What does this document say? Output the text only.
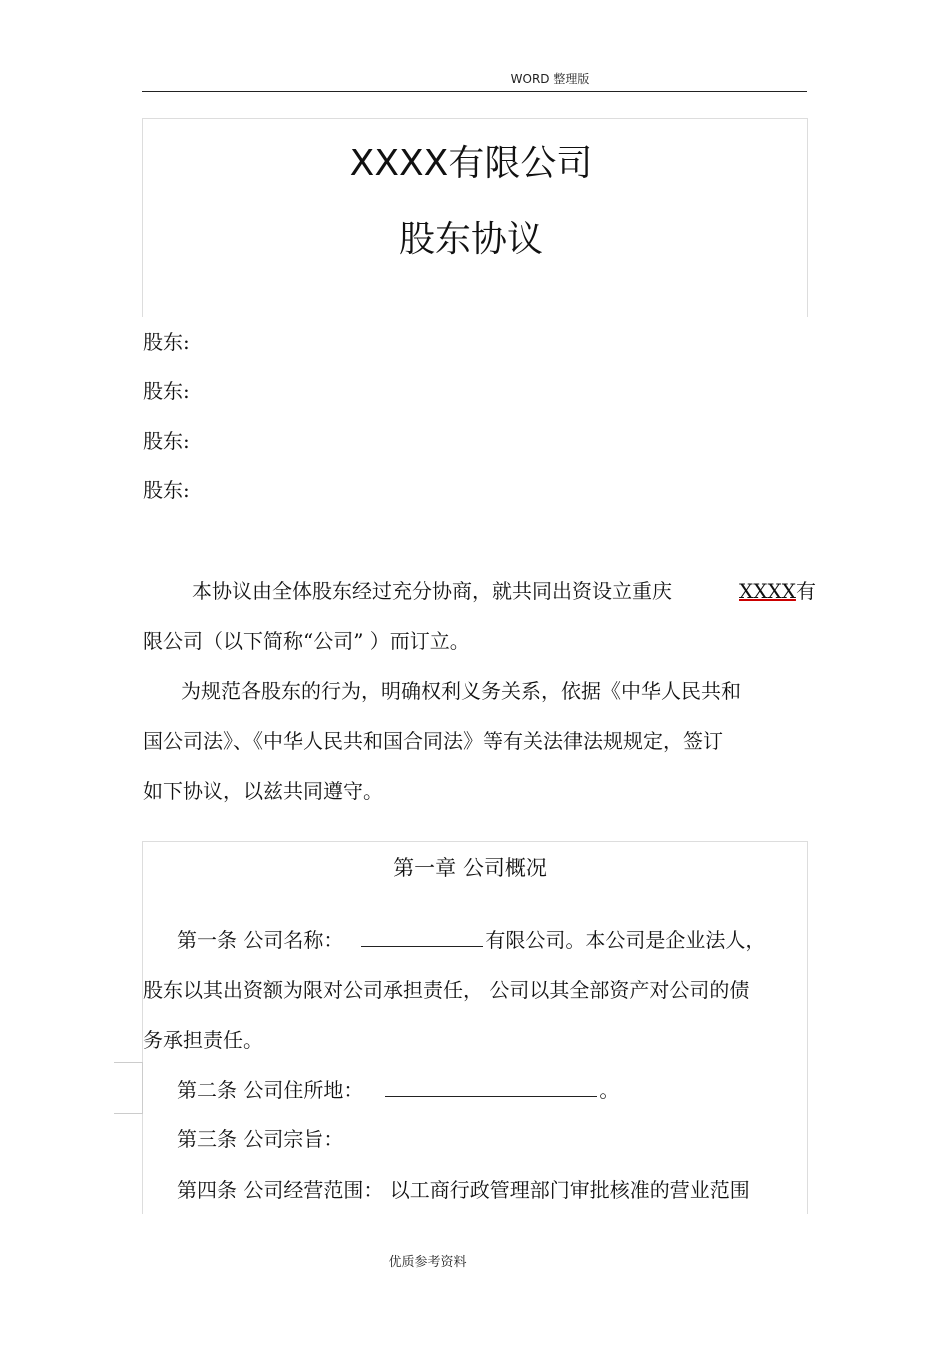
WORD 整理版
XXXX有限公司
股东协议
股东:
股东:
股东:
股东:
本协议由全体股东经过充分协商，就共同出资设立重庆	XXXX有
限公司（以下简称“公司” ）而订立。
为规范各股东的行为，明确权利义务关系，依据《中华人民共和
国公司法》、《中华人民共和国合同法》等有关法律法规规定，签订
如下协议，以兹共同遵守。
第一章 公司概况
第一条 公司名称：	有限公司。本公司是企业法人，
股东以其出资额为限对公司承担责任， 公司以其全部资产对公司的债
务承担责任。
第二条 公司住所地：	。
第三条 公司宗旨：
第四条 公司经营范围： 以工商行政管理部门审批核准的营业范围
优质参考资料
